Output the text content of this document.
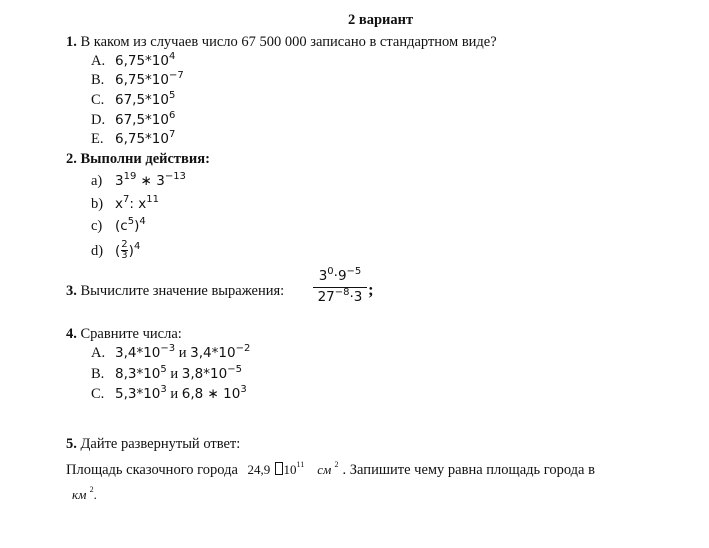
2 вариант
1. В каком из случаев число 67 500 000 записано в стандартном виде?
A. $6,75*10^4$
B. $6,75*10^{-7}$
C. $67,5*10^5$
D. $67,5*10^6$
E. $6,75*10^7$
2. Выполни действия:
a) $3^{19}$ ∗ $3^{-13}$
b) $x^7$: $x^{11}$
c) $(c^5)^4$
d) ( $\frac{2}{3} )^4$
3. Вычислите значение выражения:
$3^0\cdot 9^{-5}$
$27^{-8}\cdot 3$ ;
4. Сравните числа:
A. $3,4*10^{-3}$ и $3,4*10^{-2}$
B. $8,3*10^5$ и $3,8*10^{-5}$
C. $5,3*10^3$ и 6,8 ∗ $10^3$
5. Дайте развернутый ответ:
Площадь сказочного города 24,9 $10^{11}$ см $^2$ . Запишите чему равна площадь города в
км $^2$.
